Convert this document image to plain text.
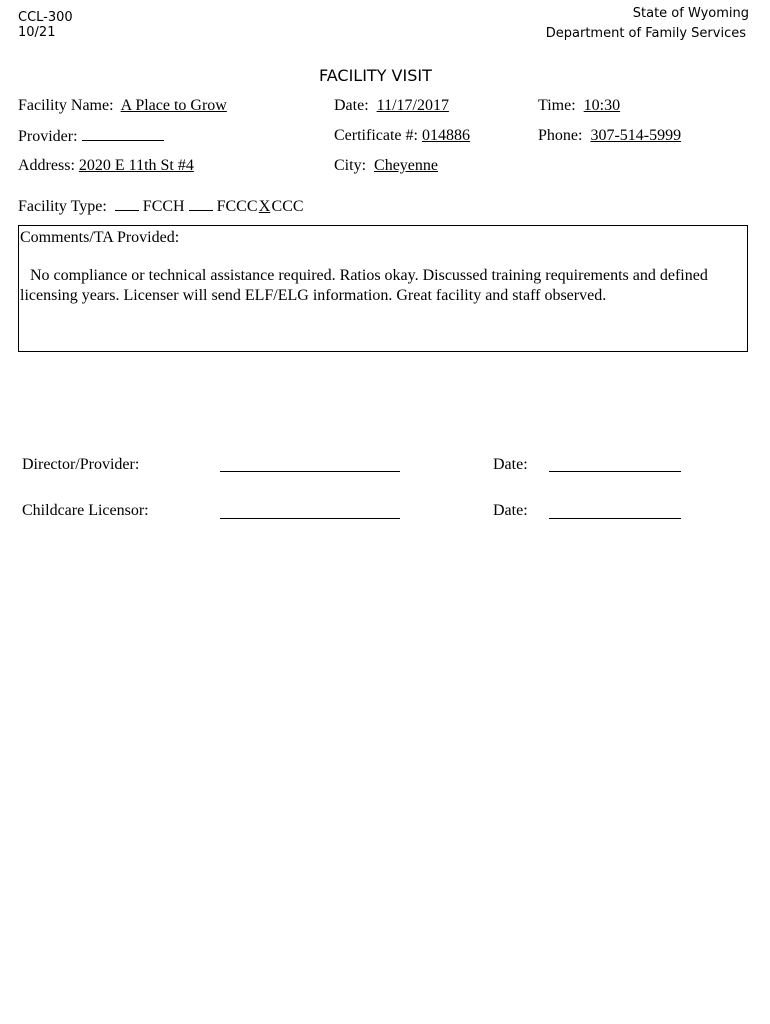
CCL-300
10/21
State of Wyoming
Department of Family Services
FACILITY VISIT
Facility Name: A Place to Grow	Date: 11/17/2017	Time: 10:30
Provider:	Certificate #: 014886	Phone: 307-514-5999
Address: 2020 E 11th St #4	City: Cheyenne
Facility Type: FCCH FCCCXCCC
Comments/TA Provided:
No compliance or technical assistance required. Ratios okay. Discussed training requirements and defined licensing years. Licenser will send ELF/ELG information. Great facility and staff observed.
Director/Provider:	Date:
Childcare Licensor:	Date:
